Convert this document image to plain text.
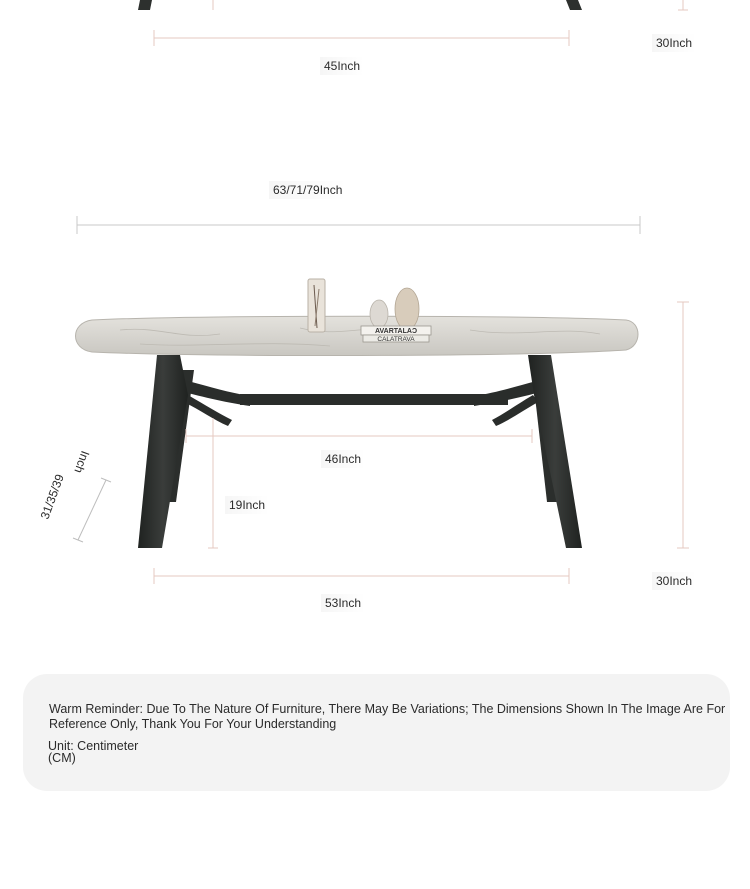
AVARTALAƆ
CALATRAVA
31/35/39
Inch
45Inch
30Inch
63/71/79Inch
46Inch
19Inch
53Inch
30Inch
Warm Reminder: Due To The Nature Of Furniture, There May Be Variations; The Dimensions Shown In The Image Are For Reference Only, Thank You For Your Understanding
Unit: Centimeter
(CM)
